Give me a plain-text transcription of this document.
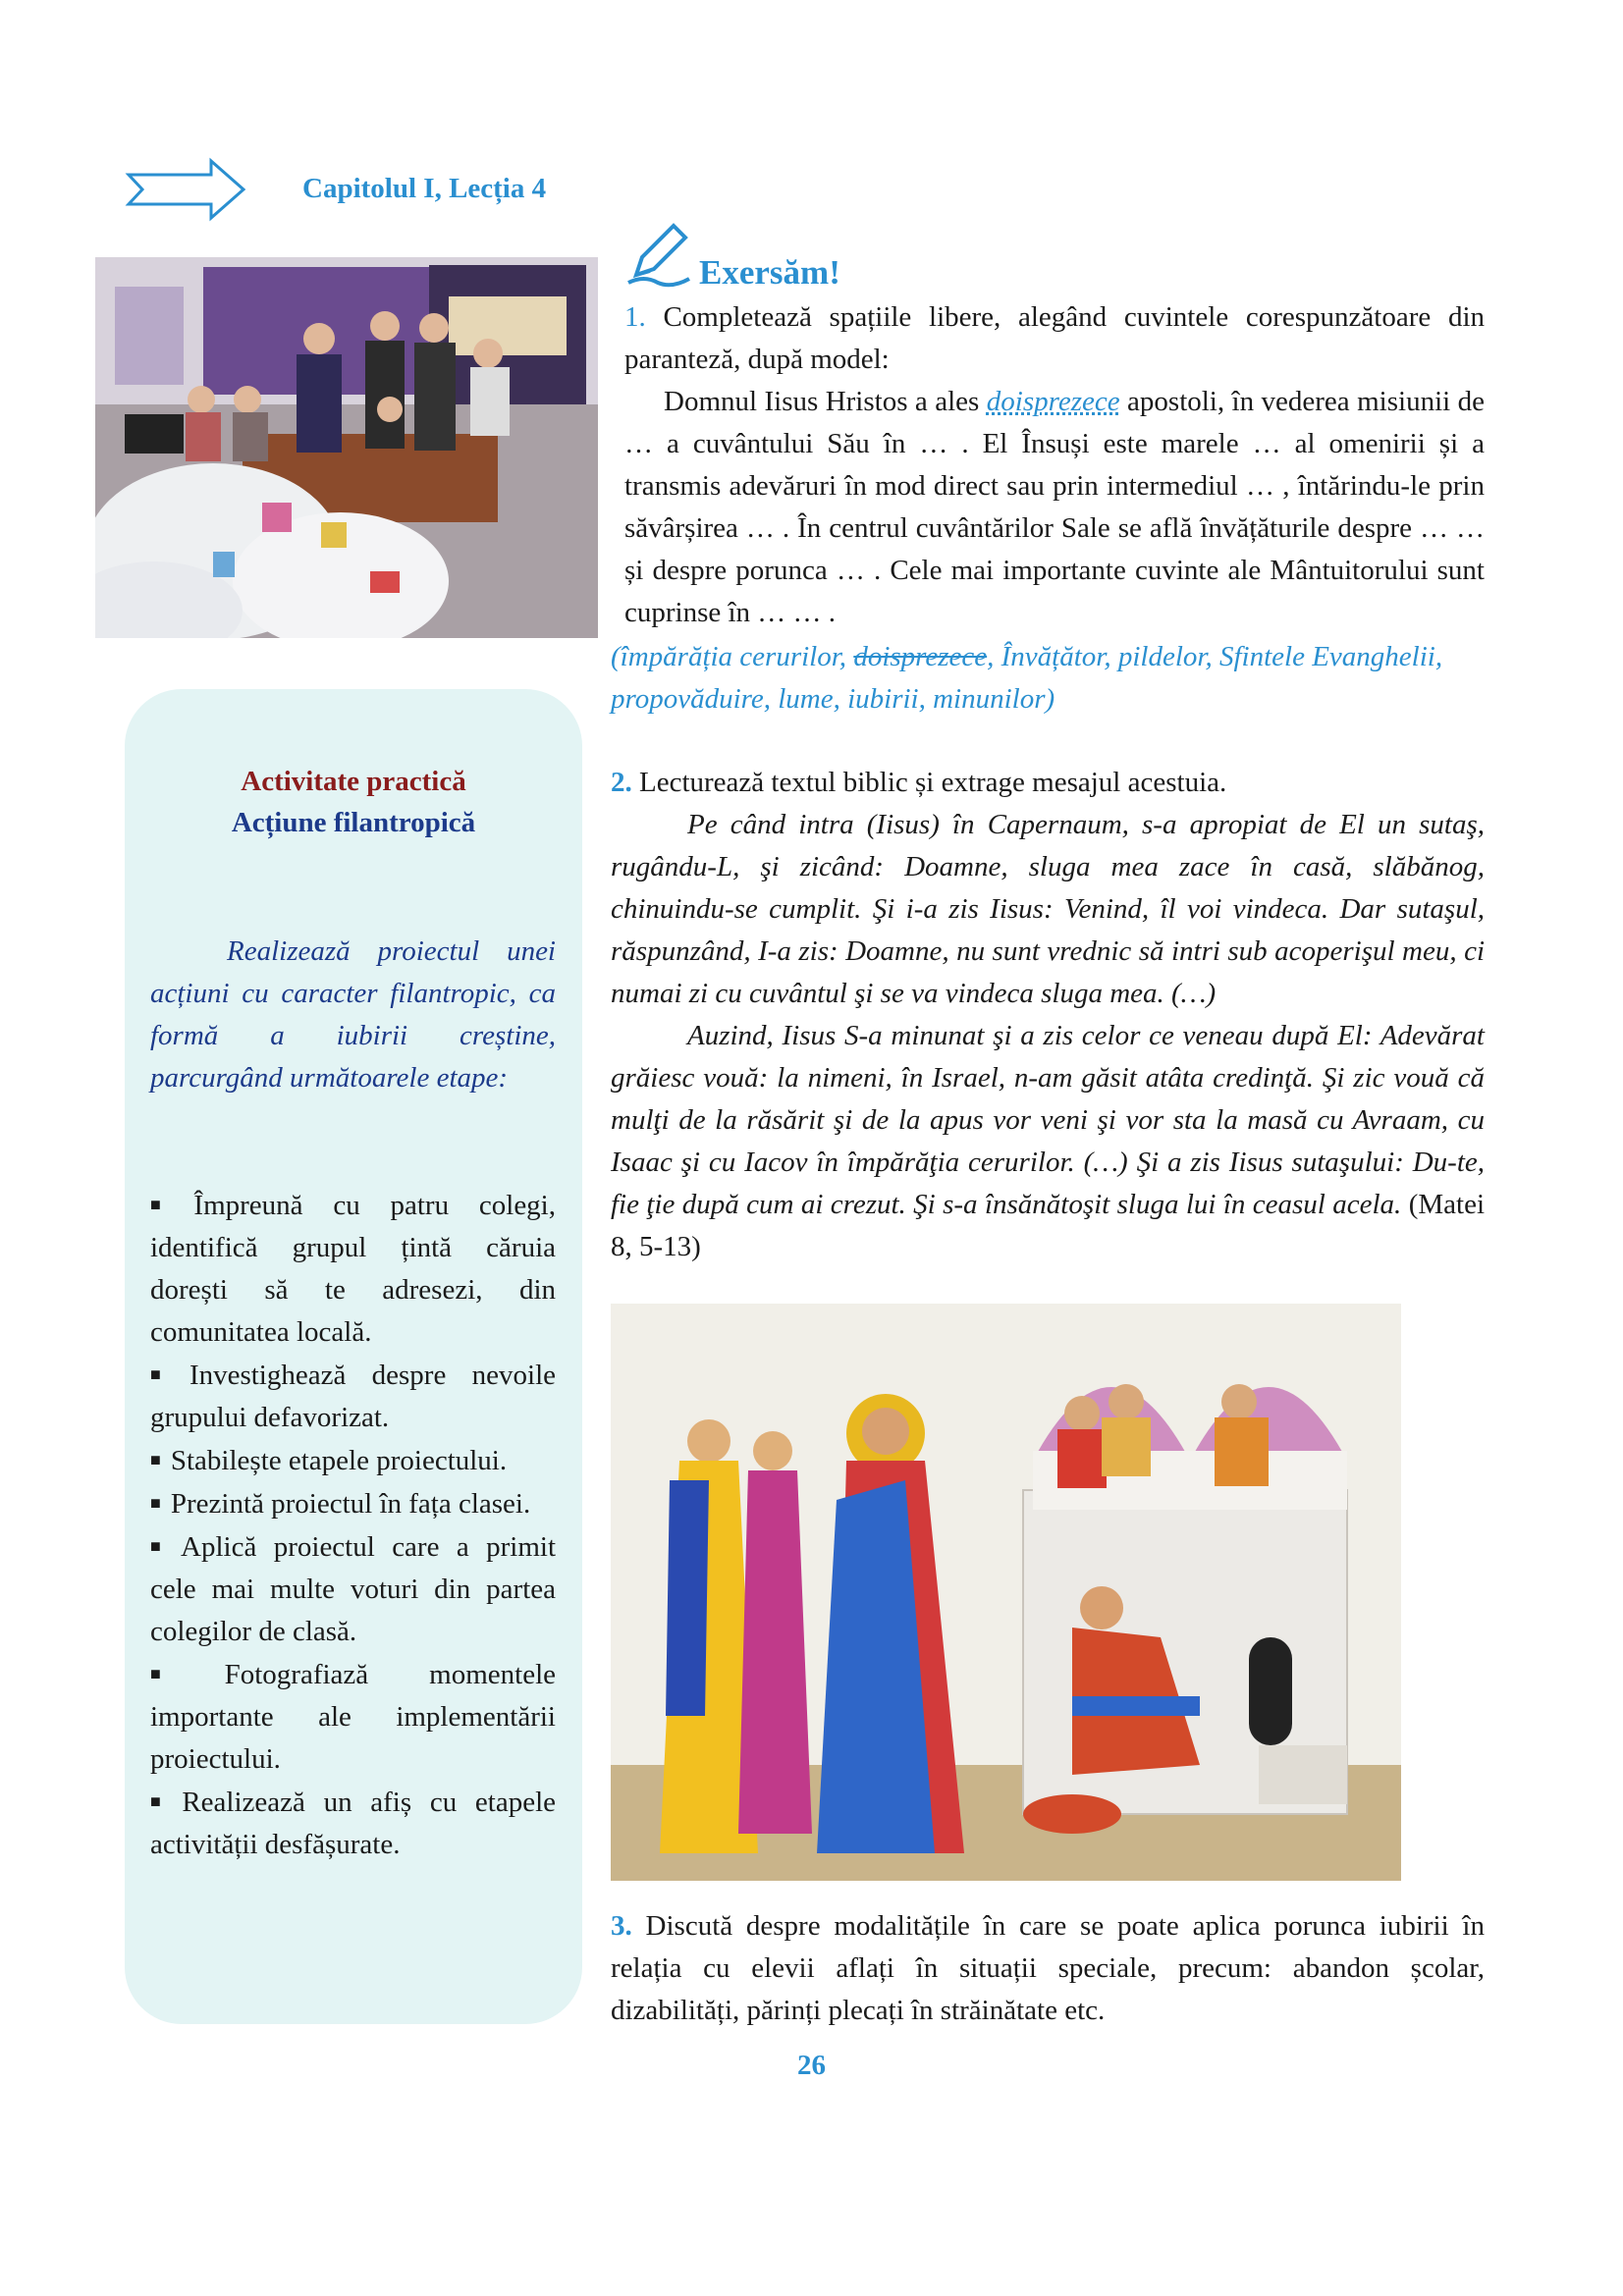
Capitolul I, Lecția 4
Activitate practică
Acțiune filantropică
Realizează proiectul unei acțiuni cu caracter filantropic, ca formă a iubirii creștine, parcurgând următoarele etape:

■ Împreună cu patru colegi, identifică grupul țintă căruia dorești să te adresezi, din comunitatea locală.

■ Investighează despre nevoile grupului defavorizat.

■ Stabilește etapele proiectului.

■ Prezintă proiectul în fața clasei.

■ Aplică proiectul care a primit cele mai multe voturi din partea colegilor de clasă.

■ Fotografiază momentele importante ale implementării proiectului.

■ Realizează un afiș cu etapele activității desfășurate.

Exersăm!

1. Completează spațiile libere, alegând cuvintele corespunzătoare din paranteză, după model:

Domnul Iisus Hristos a ales doisprezece apostoli, în vederea misiunii de … a cuvântului Său în … . El Însuși este marele … al omenirii și a transmis adevăruri în mod direct sau prin intermediul … , întărindu-le prin săvârșirea … . În centrul cuvântărilor Sale se află învățăturile despre … … și despre porunca … . Cele mai importante cuvinte ale Mântuitorului sunt cuprinse în … … .

(împărăția cerurilor, doisprezece, Învățător, pildelor, Sfintele Evanghelii, propovăduire, lume, iubirii, minunilor)

2. Lecturează textul biblic și extrage mesajul acestuia.

Pe când intra (Iisus) în Capernaum, s-a apropiat de El un sutaş, rugându-L, şi zicând: Doamne, sluga mea zace în casă, slăbănog, chinuindu-se cumplit. Şi i-a zis Iisus: Venind, îl voi vindeca. Dar sutaşul, răspunzând, I-a zis: Doamne, nu sunt vrednic să intri sub acoperişul meu, ci numai zi cu cuvântul şi se va vindeca sluga mea. (…)

Auzind, Iisus S-a minunat şi a zis celor ce veneau după El: Adevărat grăiesc vouă: la nimeni, în Israel, n-am găsit atâta credinţă. Şi zic vouă că mulţi de la răsărit şi de la apus vor veni şi vor sta la masă cu Avraam, cu Isaac şi cu Iacov în împărăţia cerurilor. (…) Şi a zis Iisus sutaşului: Du-te, fie ţie după cum ai crezut. Şi s-a însănătoşit sluga lui în ceasul acela. (Matei 8, 5-13)

3. Discută despre modalitățile în care se poate aplica porunca iubirii în relația cu elevii aflați în situații speciale, precum: abandon școlar, dizabilități, părinți plecați în străinătate etc.

26
